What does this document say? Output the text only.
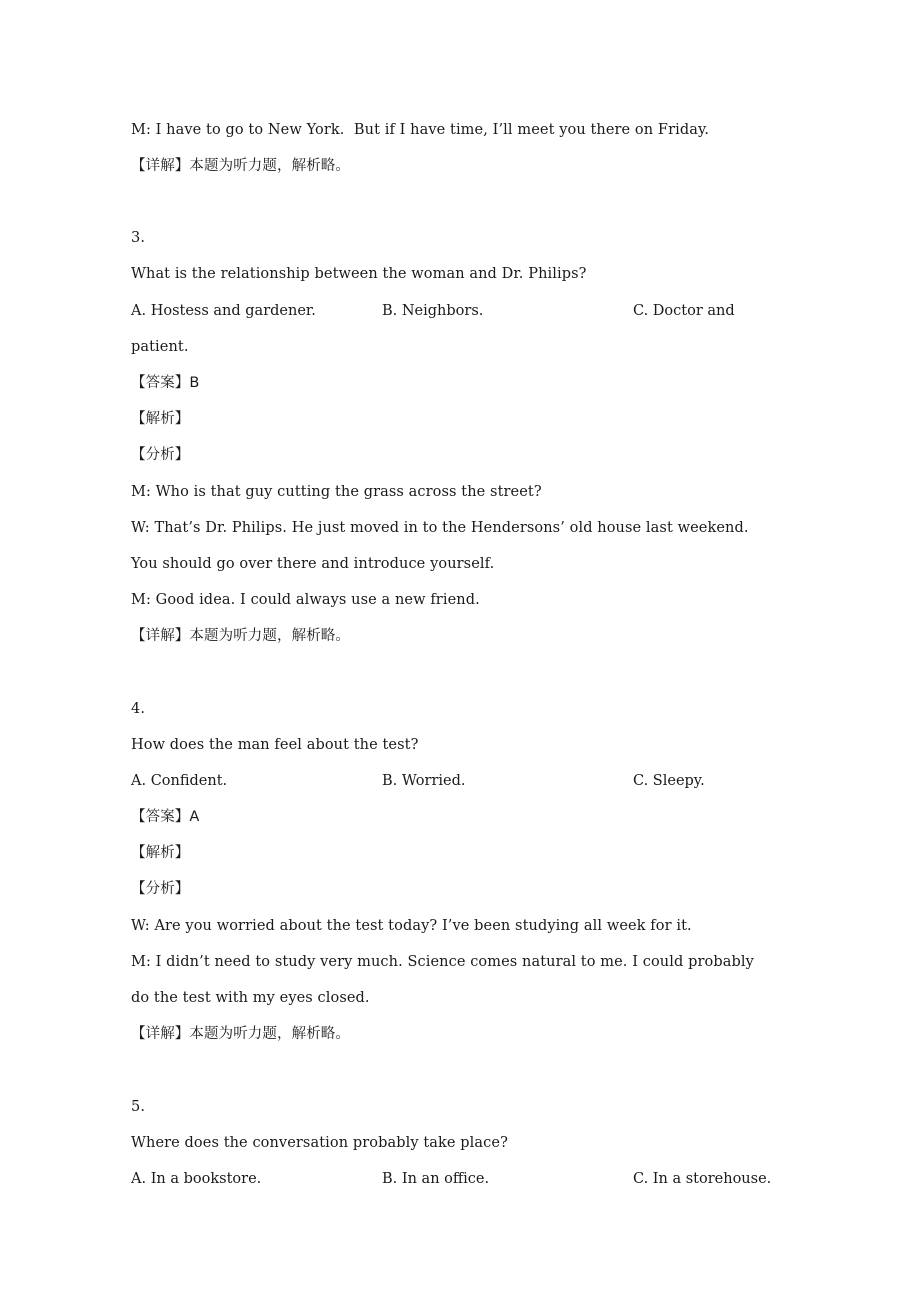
M: I have to go to New York.  But if I have time, I’ll meet you there on Friday.
【详解】本题为听力题，解析略。
3.
What is the relationship between the woman and Dr. Philips?
A. Hostess and gardener.	B. Neighbors.	C. Doctor and
patient.
【答案】B
【解析】
【分析】
M: Who is that guy cutting the grass across the street?
W: That’s Dr. Philips. He just moved in to the Hendersons’ old house last weekend.
You should go over there and introduce yourself.
M: Good idea. I could always use a new friend.
【详解】本题为听力题，解析略。
4.
How does the man feel about the test?
A. Confident.	B. Worried.	C. Sleepy.
【答案】A
【解析】
【分析】
W: Are you worried about the test today? I’ve been studying all week for it.
M: I didn’t need to study very much. Science comes natural to me. I could probably
do the test with my eyes closed.
【详解】本题为听力题，解析略。
5.
Where does the conversation probably take place?
A. In a bookstore.	B. In an office.	C. In a storehouse.
